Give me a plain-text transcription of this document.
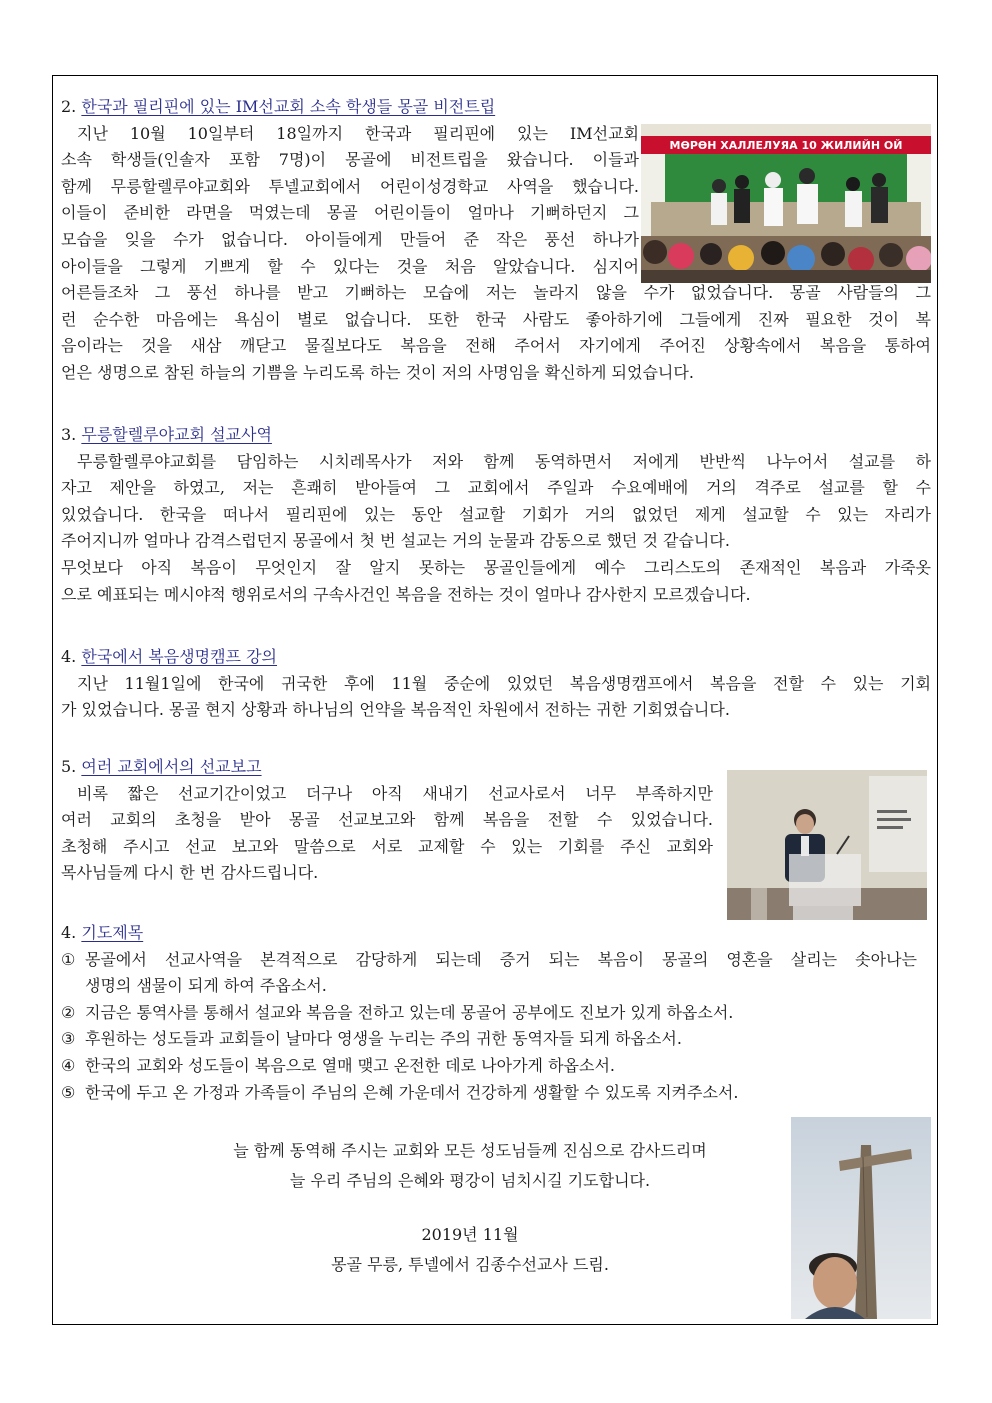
2. 한국과 필리핀에 있는 IM선교회 소속 학생들 몽골 비전트립
지난 10월 10일부터 18일까지 한국과 필리핀에 있는 IM선교회
소속 학생들(인솔자 포함 7명)이 몽골에 비전트립을 왔습니다. 이들과
함께 무릉할렐루야교회와 투넬교회에서 어린이성경학교 사역을 했습니다.
이들이 준비한 라면을 먹였는데 몽골 어린이들이 얼마나 기뻐하던지 그
모습을 잊을 수가 없습니다. 아이들에게 만들어 준 작은 풍선 하나가
아이들을 그렇게 기쁘게 할 수 있다는 것을 처음 알았습니다. 심지어
어른들조차 그 풍선 하나를 받고 기뻐하는 모습에 저는 놀라지 않을 수가 없었습니다. 몽골 사람들의 그
런 순수한 마음에는 욕심이 별로 없습니다. 또한 한국 사람도 좋아하기에 그들에게 진짜 필요한 것이 복
음이라는 것을 새삼 깨닫고 물질보다도 복음을 전해 주어서 자기에게 주어진 상황속에서 복음을 통하여
얻은 생명으로 참된 하늘의 기쁨을 누리도록 하는 것이 저의 사명임을 확신하게 되었습니다.
МӨРӨН ХАЛЛЕЛУЯА 10 ЖИЛИЙН ОЙ
3. 무릉할렐루야교회 설교사역
무릉할렐루야교회를 담임하는 시치레목사가 저와 함께 동역하면서 저에게 반반씩 나누어서 설교를 하
자고 제안을 하였고, 저는 흔쾌히 받아들여 그 교회에서 주일과 수요예배에 거의 격주로 설교를 할 수
있었습니다. 한국을 떠나서 필리핀에 있는 동안 설교할 기회가 거의 없었던 제게 설교할 수 있는 자리가
주어지니까 얼마나 감격스럽던지 몽골에서 첫 번 설교는 거의 눈물과 감동으로 했던 것 같습니다.
무엇보다 아직 복음이 무엇인지 잘 알지 못하는 몽골인들에게 예수 그리스도의 존재적인 복음과 가죽옷
으로 예표되는 메시야적 행위로서의 구속사건인 복음을 전하는 것이 얼마나 감사한지 모르겠습니다.
4. 한국에서 복음생명캠프 강의
지난 11월1일에 한국에 귀국한 후에 11월 중순에 있었던 복음생명캠프에서 복음을 전할 수 있는 기회
가 있었습니다. 몽골 현지 상황과 하나님의 언약을 복음적인 차원에서 전하는 귀한 기회였습니다.
5. 여러 교회에서의 선교보고
비록 짧은 선교기간이었고 더구나 아직 새내기 선교사로서 너무 부족하지만
여러 교회의 초청을 받아 몽골 선교보고와 함께 복음을 전할 수 있었습니다.
초청해 주시고 선교 보고와 말씀으로 서로 교제할 수 있는 기회를 주신 교회와
목사님들께 다시 한 번 감사드립니다.
4. 기도제목
① 몽골에서 선교사역을 본격적으로 감당하게 되는데 증거 되는 복음이 몽골의 영혼을 살리는 솟아나는
생명의 샘물이 되게 하여 주옵소서.
② 지금은 통역사를 통해서 설교와 복음을 전하고 있는데 몽골어 공부에도 진보가 있게 하옵소서.
③ 후원하는 성도들과 교회들이 날마다 영생을 누리는 주의 귀한 동역자들 되게 하옵소서.
④ 한국의 교회와 성도들이 복음으로 열매 맺고 온전한 데로 나아가게 하옵소서.
⑤ 한국에 두고 온 가정과 가족들이 주님의 은혜 가운데서 건강하게 생활할 수 있도록 지켜주소서.
늘 함께 동역해 주시는 교회와 모든 성도님들께 진심으로 감사드리며
늘 우리 주님의 은혜와 평강이 넘치시길 기도합니다.
2019년 11월
몽골 무릉, 투넬에서 김종수선교사 드림.
